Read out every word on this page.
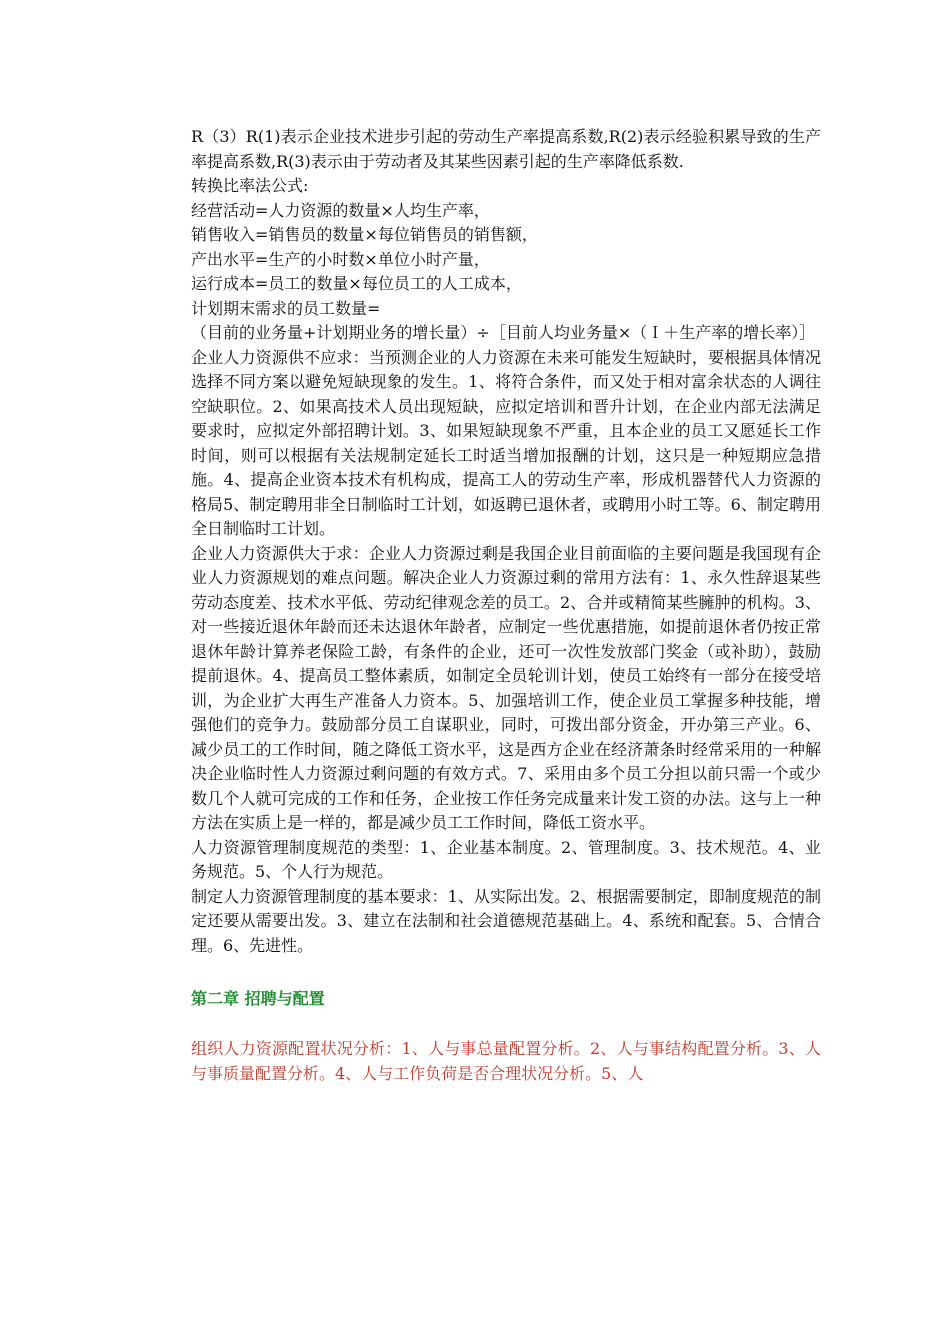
R（3）R(1)表示企业技术进步引起的劳动生产率提高系数,R(2)表示经验积累导致的生产率提高系数,R(3)表示由于劳动者及其某些因素引起的生产率降低系数.

转换比率法公式:

经营活动=人力资源的数量×人均生产率，

销售收入=销售员的数量×每位销售员的销售额，

产出水平=生产的小时数×单位小时产量，

运行成本=员工的数量×每位员工的人工成本，

计划期末需求的员工数量=

（目前的业务量+计划期业务的增长量）÷［目前人均业务量×（Ｉ＋生产率的增长率）］

企业人力资源供不应求：当预测企业的人力资源在未来可能发生短缺时，要根据具体情况选择不同方案以避免短缺现象的发生。1、将符合条件，而又处于相对富余状态的人调往空缺职位。2、如果高技术人员出现短缺，应拟定培训和晋升计划，在企业内部无法满足要求时，应拟定外部招聘计划。3、如果短缺现象不严重，且本企业的员工又愿延长工作时间，则可以根据有关法规制定延长工时适当增加报酬的计划，这只是一种短期应急措施。4、提高企业资本技术有机构成，提高工人的劳动生产率，形成机器替代人力资源的格局5、制定聘用非全日制临时工计划，如返聘已退休者，或聘用小时工等。6、制定聘用全日制临时工计划。

企业人力资源供大于求：企业人力资源过剩是我国企业目前面临的主要问题是我国现有企业人力资源规划的难点问题。解决企业人力资源过剩的常用方法有：1、永久性辞退某些劳动态度差、技术水平低、劳动纪律观念差的员工。2、合并或精简某些臃肿的机构。3、对一些接近退休年龄而还未达退休年龄者，应制定一些优惠措施，如提前退休者仍按正常退休年龄计算养老保险工龄，有条件的企业，还可一次性发放部门奖金（或补助），鼓励提前退休。4、提高员工整体素质，如制定全员轮训计划，使员工始终有一部分在接受培训，为企业扩大再生产准备人力资本。5、加强培训工作，使企业员工掌握多种技能，增强他们的竞争力。鼓励部分员工自谋职业，同时，可拨出部分资金，开办第三产业。6、减少员工的工作时间，随之降低工资水平，这是西方企业在经济萧条时经常采用的一种解决企业临时性人力资源过剩问题的有效方式。7、采用由多个员工分担以前只需一个或少数几个人就可完成的工作和任务，企业按工作任务完成量来计发工资的办法。这与上一种方法在实质上是一样的，都是减少员工工作时间，降低工资水平。

人力资源管理制度规范的类型：1、企业基本制度。2、管理制度。3、技术规范。4、业务规范。5、个人行为规范。

制定人力资源管理制度的基本要求：1、从实际出发。2、根据需要制定，即制度规范的制定还要从需要出发。3、建立在法制和社会道德规范基础上。4、系统和配套。5、合情合理。6、先进性。

第二章 招聘与配置

组织人力资源配置状况分析：1、人与事总量配置分析。2、人与事结构配置分析。3、人与事质量配置分析。4、人与工作负荷是否合理状况分析。5、人
